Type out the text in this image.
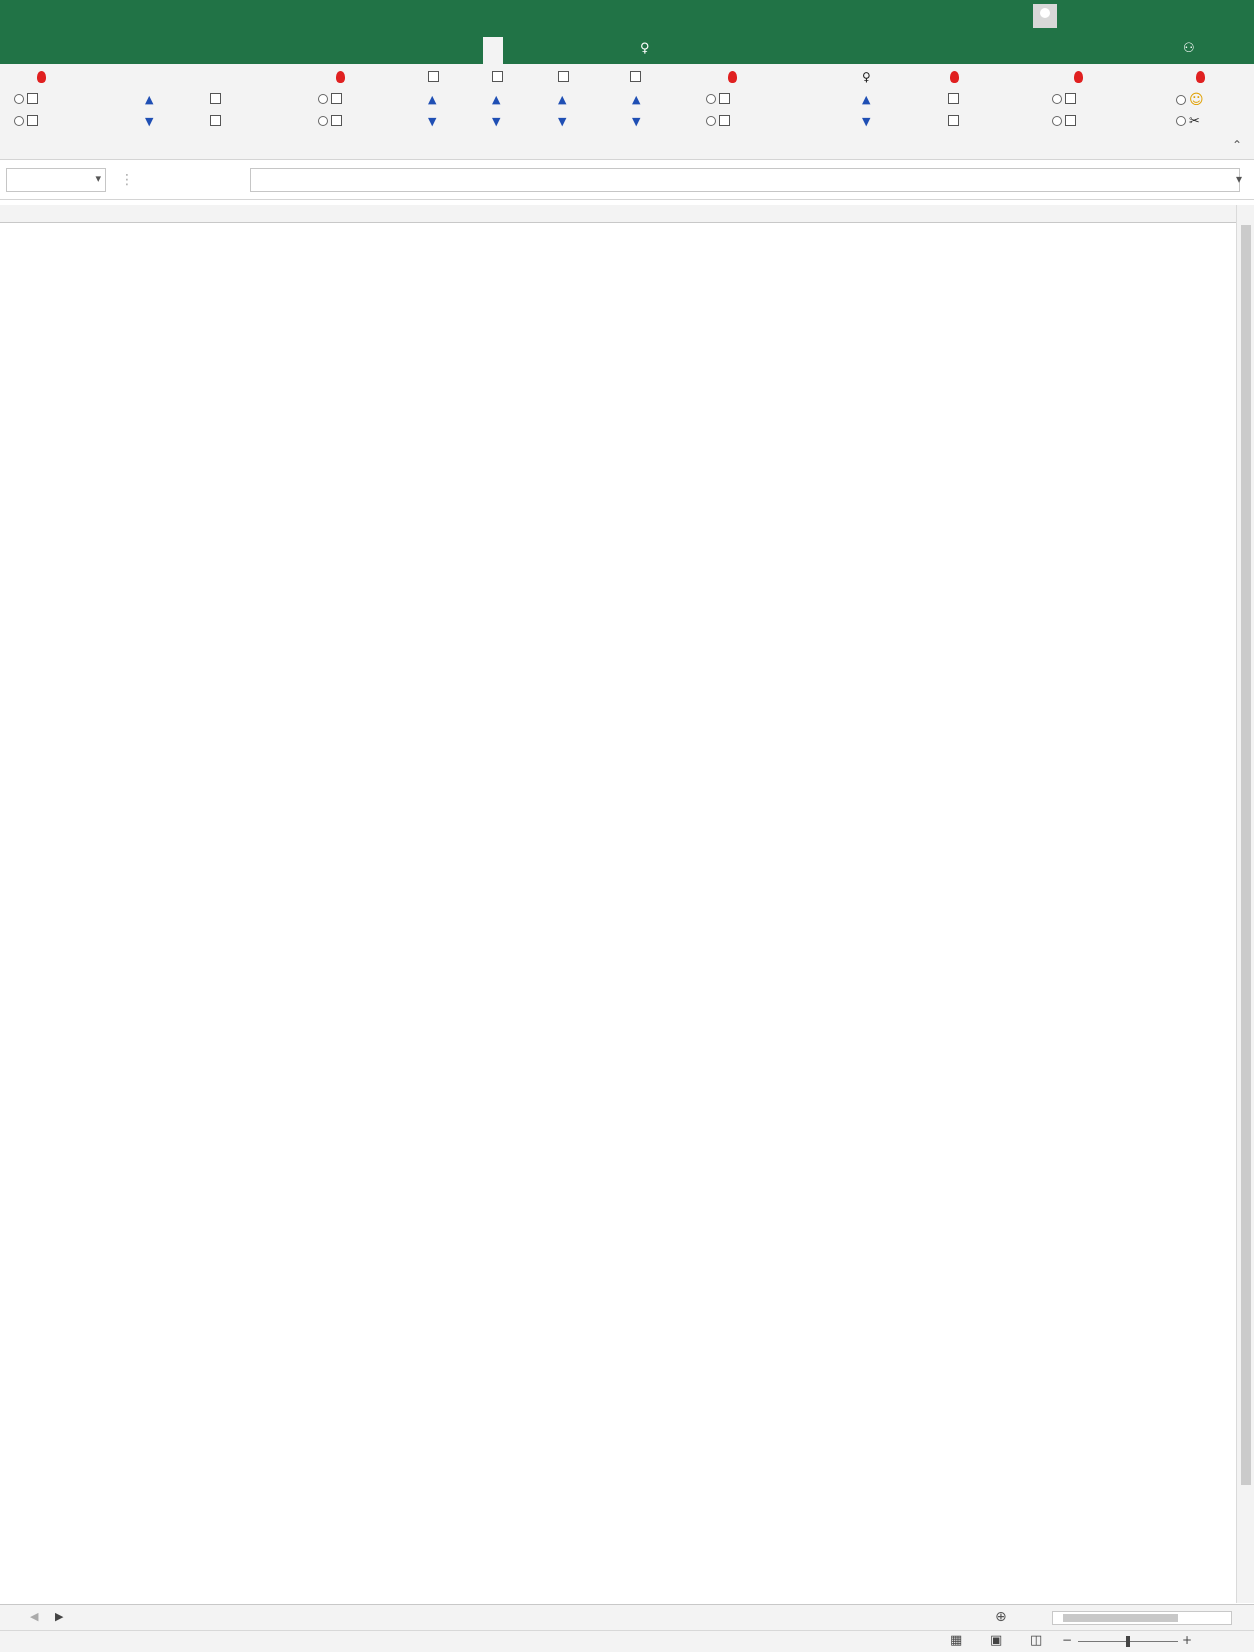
♀	⚇
▲
▼
▲
▼
▲
▼
▲
▼
▲
▼
♀
▲
▼
☺
✂
⌃
▾
⋮	▾
◀ ▶	⊕
▦ ▣ ◫ −	+
